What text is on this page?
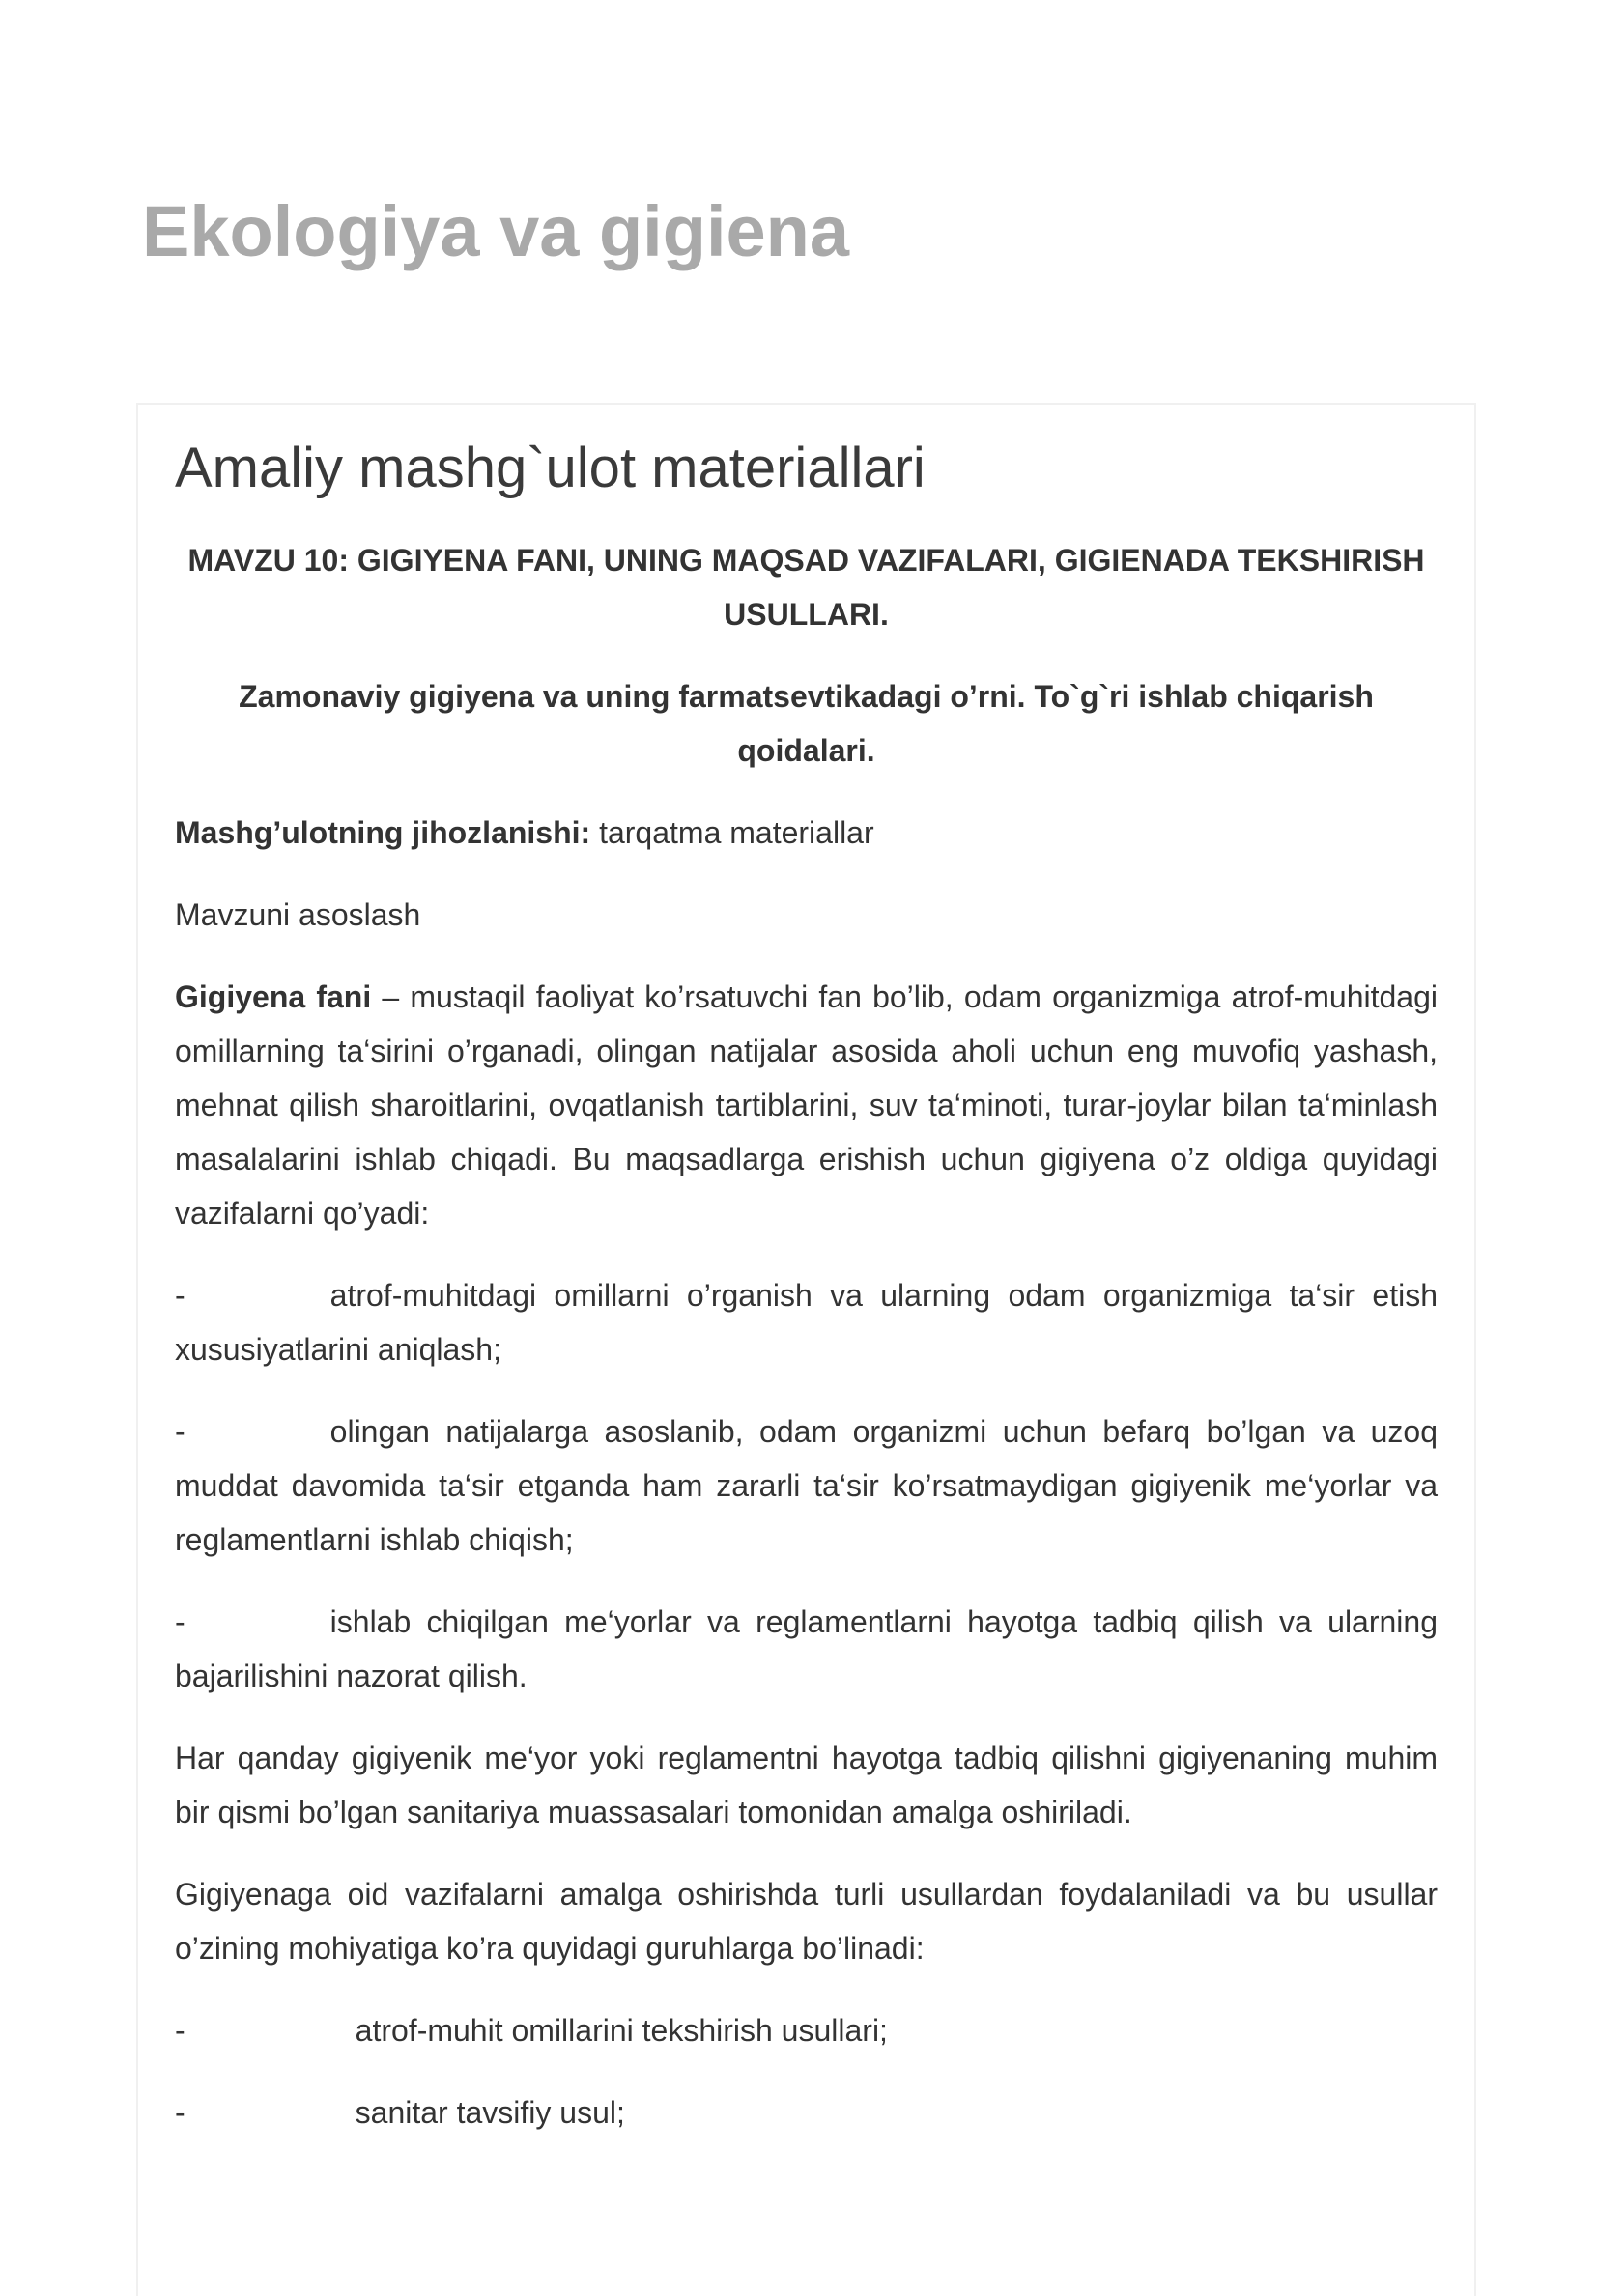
Ekologiya va gigiena
Amaliy mashg`ulot materiallari

MAVZU 10: GIGIYENA FANI, UNING MAQSAD VAZIFALARI, GIGIENADA TEKSHIRISH USULLARI.

Zamonaviy gigiyena va uning farmatsevtikadagi o’rni. To`g`ri ishlab chiqarish qoidalari.

Mashg’ulotning jihozlanishi: tarqatma materiallar

Mavzuni asoslash

Gigiyena fani – mustaqil faoliyat ko’rsatuvchi fan bo’lib, odam organizmiga atrof-muhitdagi omillarning ta‘sirini o’rganadi, olingan natijalar asosida aholi uchun eng muvofiq yashash, mehnat qilish sharoitlarini, ovqatlanish tartiblarini, suv ta‘minoti, turar-joylar bilan ta‘minlash masalalarini ishlab chiqadi. Bu maqsadlarga erishish uchun gigiyena o’z oldiga quyidagi vazifalarni qo’yadi:

-	atrof-muhitdagi omillarni o’rganish va ularning odam organizmiga ta‘sir etish xususiyatlarini aniqlash;

-	olingan natijalarga asoslanib, odam organizmi uchun befarq bo’lgan va uzoq muddat davomida ta‘sir etganda ham zararli ta‘sir ko’rsatmaydigan gigiyenik me‘yorlar va reglamentlarni ishlab chiqish;

-	ishlab chiqilgan me‘yorlar va reglamentlarni hayotga tadbiq qilish va ularning bajarilishini nazorat qilish.

Har qanday gigiyenik me‘yor yoki reglamentni hayotga tadbiq qilishni gigiyenaning muhim bir qismi bo’lgan sanitariya muassasalari tomonidan amalga oshiriladi.

Gigiyenaga oid vazifalarni amalga oshirishda turli usullardan foydalaniladi va bu usullar o’zining mohiyatiga ko’ra quyidagi guruhlarga bo’linadi:

-	atrof-muhit omillarini tekshirish usullari;

-	sanitar tavsifiy usul;
